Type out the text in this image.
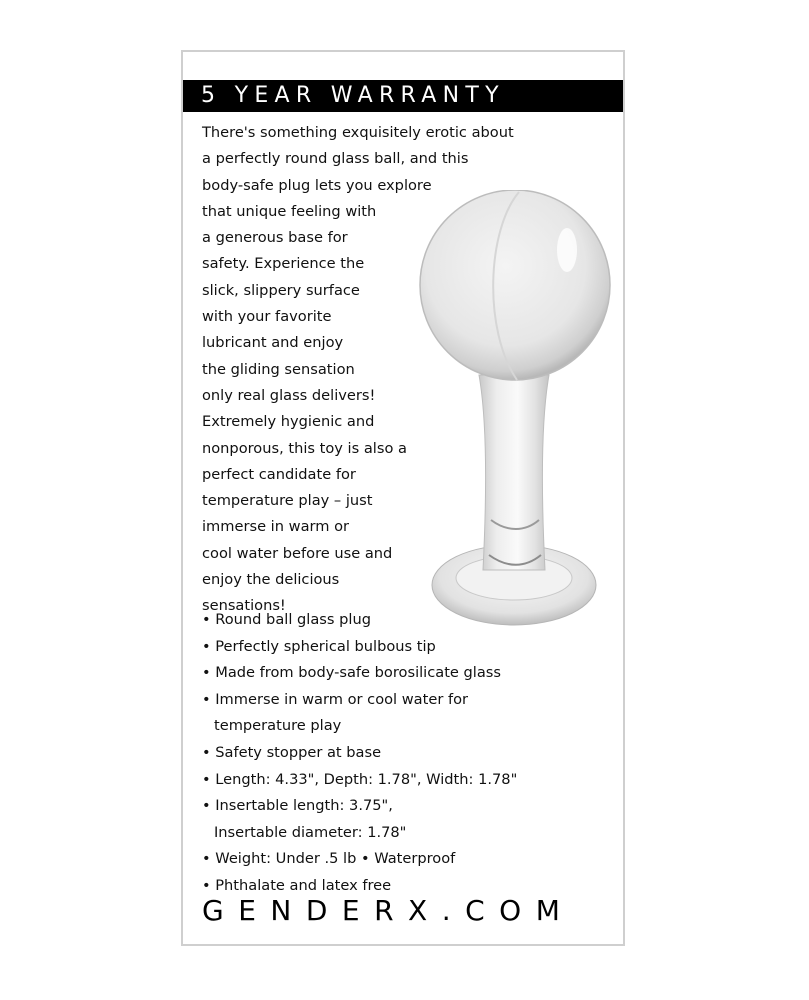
5 YEAR WARRANTY

There's something exquisitely erotic about
a perfectly round glass ball, and this
body-safe plug lets you explore
that unique feeling with
a generous base for
safety. Experience the
slick, slippery surface
with your favorite
lubricant and enjoy
the gliding sensation
only real glass delivers!
Extremely hygienic and
nonporous, this toy is also a
perfect candidate for
temperature play – just
immerse in warm or
cool water before use and
enjoy the delicious
sensations!

• Round ball glass plug
• Perfectly spherical bulbous tip
• Made from body-safe borosilicate glass
• Immerse in warm or cool water for
temperature play
• Safety stopper at base
• Length: 4.33", Depth: 1.78", Width: 1.78"
• Insertable length: 3.75",
Insertable diameter: 1.78"
• Weight: Under .5 lb • Waterproof
• Phthalate and latex free
GENDERX.COM
